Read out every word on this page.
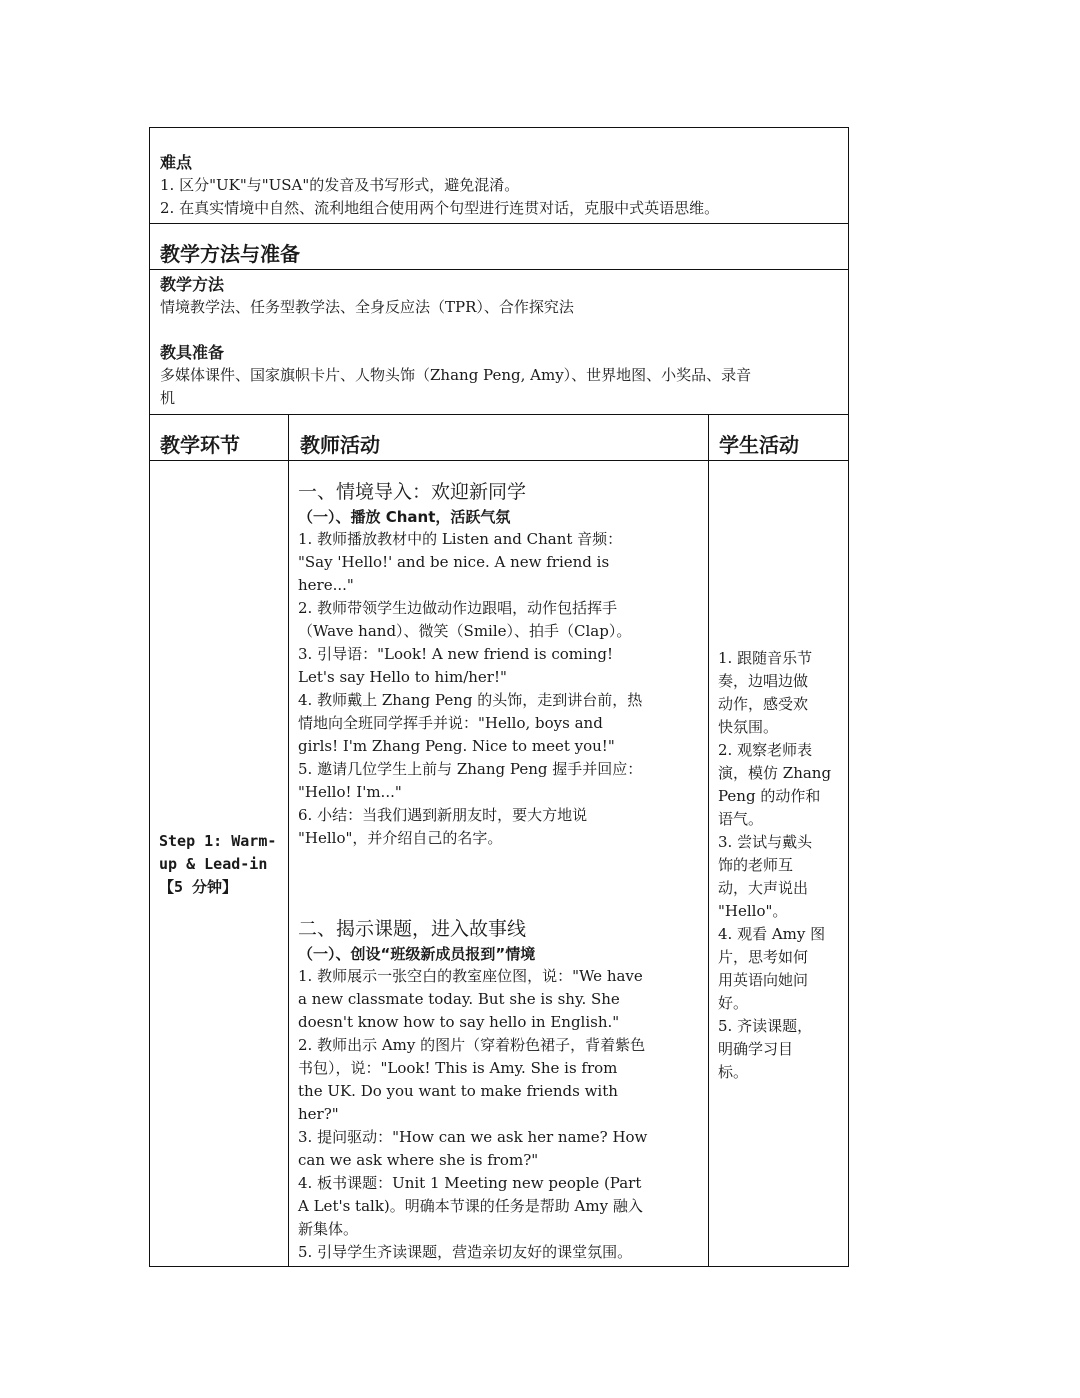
难点
1. 区分"UK"与"USA"的发音及书写形式，避免混淆。
2. 在真实情境中自然、流利地组合使用两个句型进行连贯对话，克服中式英语思维。
教学方法与准备
教学方法
情境教学法、任务型教学法、全身反应法（TPR）、合作探究法
教具准备
多媒体课件、国家旗帜卡片、人物头饰（Zhang Peng, Amy）、世界地图、小奖品、录音
机
教学环节	教师活动	学生活动
Step 1: Warm-
up & Lead-in
【5 分钟】
一、情境导入：欢迎新同学
（一）、播放 Chant，活跃气氛
1. 教师播放教材中的 Listen and Chant 音频：
"Say 'Hello!' and be nice. A new friend is
here..."
2. 教师带领学生边做动作边跟唱，动作包括挥手
（Wave hand）、微笑（Smile）、拍手（Clap）。
3. 引导语："Look! A new friend is coming!
Let's say Hello to him/her!"
4. 教师戴上 Zhang Peng 的头饰，走到讲台前，热
情地向全班同学挥手并说："Hello, boys and
girls! I'm Zhang Peng. Nice to meet you!"
5. 邀请几位学生上前与 Zhang Peng 握手并回应：
"Hello! I'm..."
6. 小结：当我们遇到新朋友时，要大方地说
"Hello"，并介绍自己的名字。
二、揭示课题，进入故事线
（一）、创设“班级新成员报到”情境
1. 教师展示一张空白的教室座位图，说："We have
a new classmate today. But she is shy. She
doesn't know how to say hello in English."
2. 教师出示 Amy 的图片（穿着粉色裙子，背着紫色
书包），说："Look! This is Amy. She is from
the UK. Do you want to make friends with
her?"
3. 提问驱动："How can we ask her name? How
can we ask where she is from?"
4. 板书课题：Unit 1 Meeting new people (Part
A Let's talk)。明确本节课的任务是帮助 Amy 融入
新集体。
5. 引导学生齐读课题，营造亲切友好的课堂氛围。
1. 跟随音乐节
奏，边唱边做
动作，感受欢
快氛围。
2. 观察老师表
演，模仿 Zhang
Peng 的动作和
语气。
3. 尝试与戴头
饰的老师互
动，大声说出
"Hello"。
4. 观看 Amy 图
片，思考如何
用英语向她问
好。
5. 齐读课题，
明确学习目
标。
